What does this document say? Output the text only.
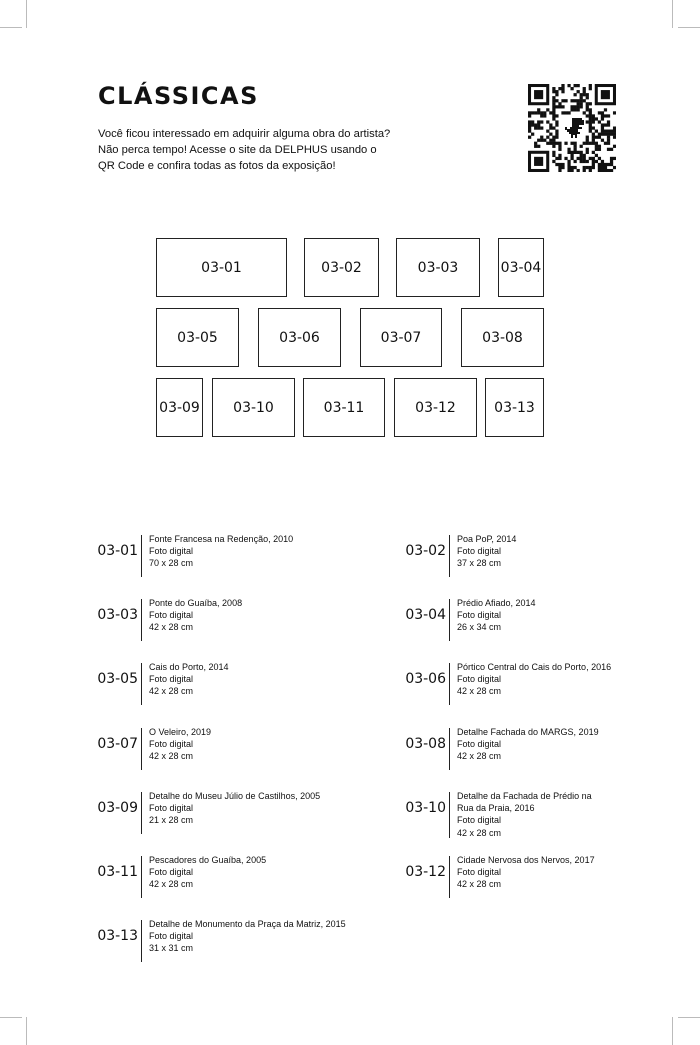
CLÁSSICAS
Você ficou interessado em adquirir alguma obra do artista?
Não perca tempo! Acesse o site da DELPHUS usando o
QR Code e confira todas as fotos da exposição!
03-01	03-02	03-03	03-04
03-05	03-06	03-07	03-08
03-09	03-10	03-11	03-12	03-13
03-01
Fonte Francesa na Redenção, 2010
Foto digital
70 x 28 cm
03-02
Poa PoP, 2014
Foto digital
37 x 28 cm
03-03
Ponte do Guaíba, 2008
Foto digital
42 x 28 cm
03-04
Prédio Afiado, 2014
Foto digital
26 x 34 cm
03-05
Cais do Porto, 2014
Foto digital
42 x 28 cm
03-06
Pórtico Central do Cais do Porto, 2016
Foto digital
42 x 28 cm
03-07
O Veleiro, 2019
Foto digital
42 x 28 cm
03-08
Detalhe Fachada do MARGS, 2019
Foto digital
42 x 28 cm
03-09
Detalhe do Museu Júlio de Castilhos, 2005
Foto digital
21 x 28 cm
03-10
Detalhe da Fachada de Prédio na
Rua da Praia, 2016
Foto digital
42 x 28 cm
03-11
Pescadores do Guaíba, 2005
Foto digital
42 x 28 cm
03-12
Cidade Nervosa dos Nervos, 2017
Foto digital
42 x 28 cm
03-13
Detalhe de Monumento da Praça da Matriz, 2015
Foto digital
31 x 31 cm
